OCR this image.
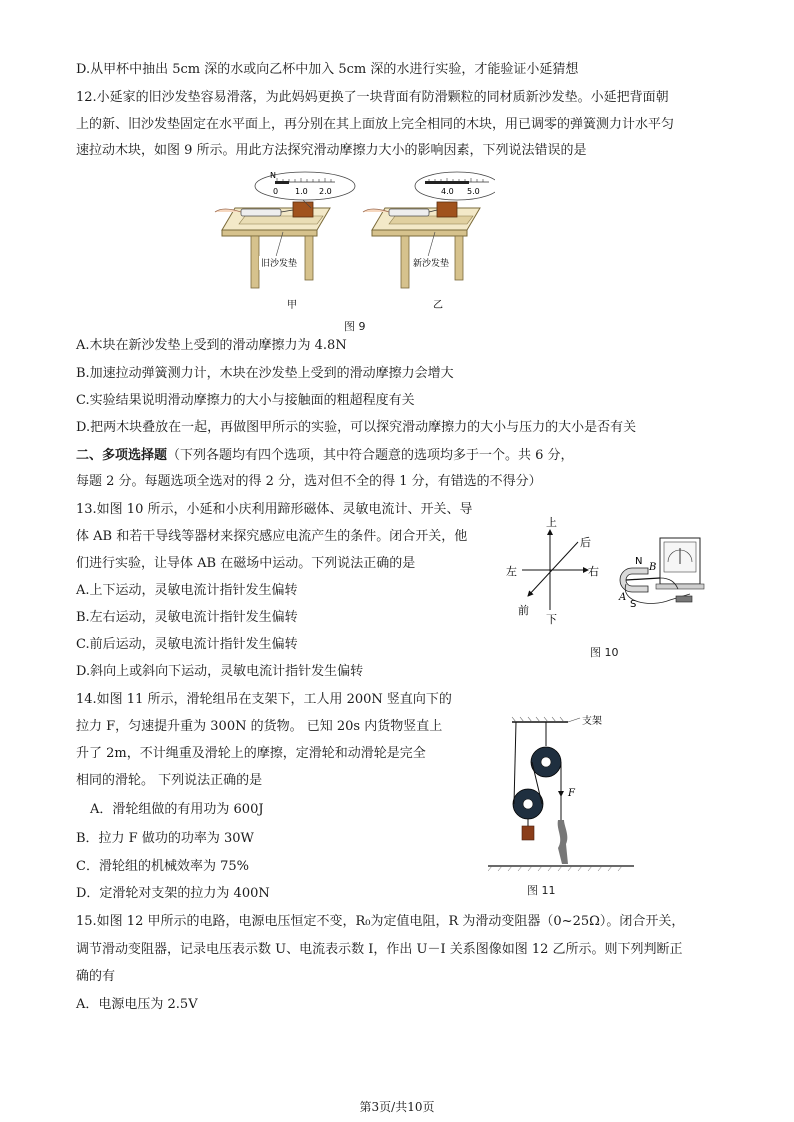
D.从甲杯中抽出 5cm 深的水或向乙杯中加入 5cm 深的水进行实验，才能验证小延猜想
12.小延家的旧沙发垫容易滑落，为此妈妈更换了一块背面有防滑颗粒的同材质新沙发垫。小延把背面朝
上的新、旧沙发垫固定在水平面上，再分别在其上面放上完全相同的木块，用已调零的弹簧测力计水平匀
速拉动木块，如图 9 所示。用此方法探究滑动摩擦力大小的影响因素，下列说法错误的是
N
0 1.0 2.0
旧沙发垫
甲
4.0 5.0
新沙发垫
乙
图 9
A.木块在新沙发垫上受到的滑动摩擦力为 4.8N
B.加速拉动弹簧测力计，木块在沙发垫上受到的滑动摩擦力会增大
C.实验结果说明滑动摩擦力的大小与接触面的粗超程度有关
D.把两木块叠放在一起，再做图甲所示的实验，可以探究滑动摩擦力的大小与压力的大小是否有关
二、多项选择题（下列各题均有四个选项，其中符合题意的选项均多于一个。共 6 分，
每题 2 分。每题选项全选对的得 2 分，选对但不全的得 1 分，有错选的不得分）
13.如图 10 所示，小延和小庆利用蹄形磁体、灵敏电流计、开关、导
体 AB 和若干导线等器材来探究感应电流产生的条件。闭合开关，他
们进行实验，让导体 AB 在磁场中运动。下列说法正确的是
A.上下运动，灵敏电流计指针发生偏转
B.左右运动，灵敏电流计指针发生偏转
C.前后运动，灵敏电流计指针发生偏转
D.斜向上或斜向下运动，灵敏电流计指针发生偏转
上
下
左	右
前
后
N
S
A
B
图 10
14.如图 11 所示，滑轮组吊在支架下，工人用 200N 竖直向下的
拉力 F，匀速提升重为 300N 的货物。 已知 20s 内货物竖直上
升了 2m，不计绳重及滑轮上的摩擦，定滑轮和动滑轮是完全
相同的滑轮。 下列说法正确的是
A．滑轮组做的有用功为 600J
B．拉力 F 做功的功率为 30W
C．滑轮组的机械效率为 75%
D．定滑轮对支架的拉力为 400N
支架
F
图 11
15.如图 12 甲所示的电路，电源电压恒定不变，R₀为定值电阻，R 为滑动变阻器（0~25Ω）。闭合开关，
调节滑动变阻器，记录电压表示数 U、电流表示数 I，作出 U－I 关系图像如图 12 乙所示。则下列判断正
确的有
A．电源电压为 2.5V
第3页/共10页
